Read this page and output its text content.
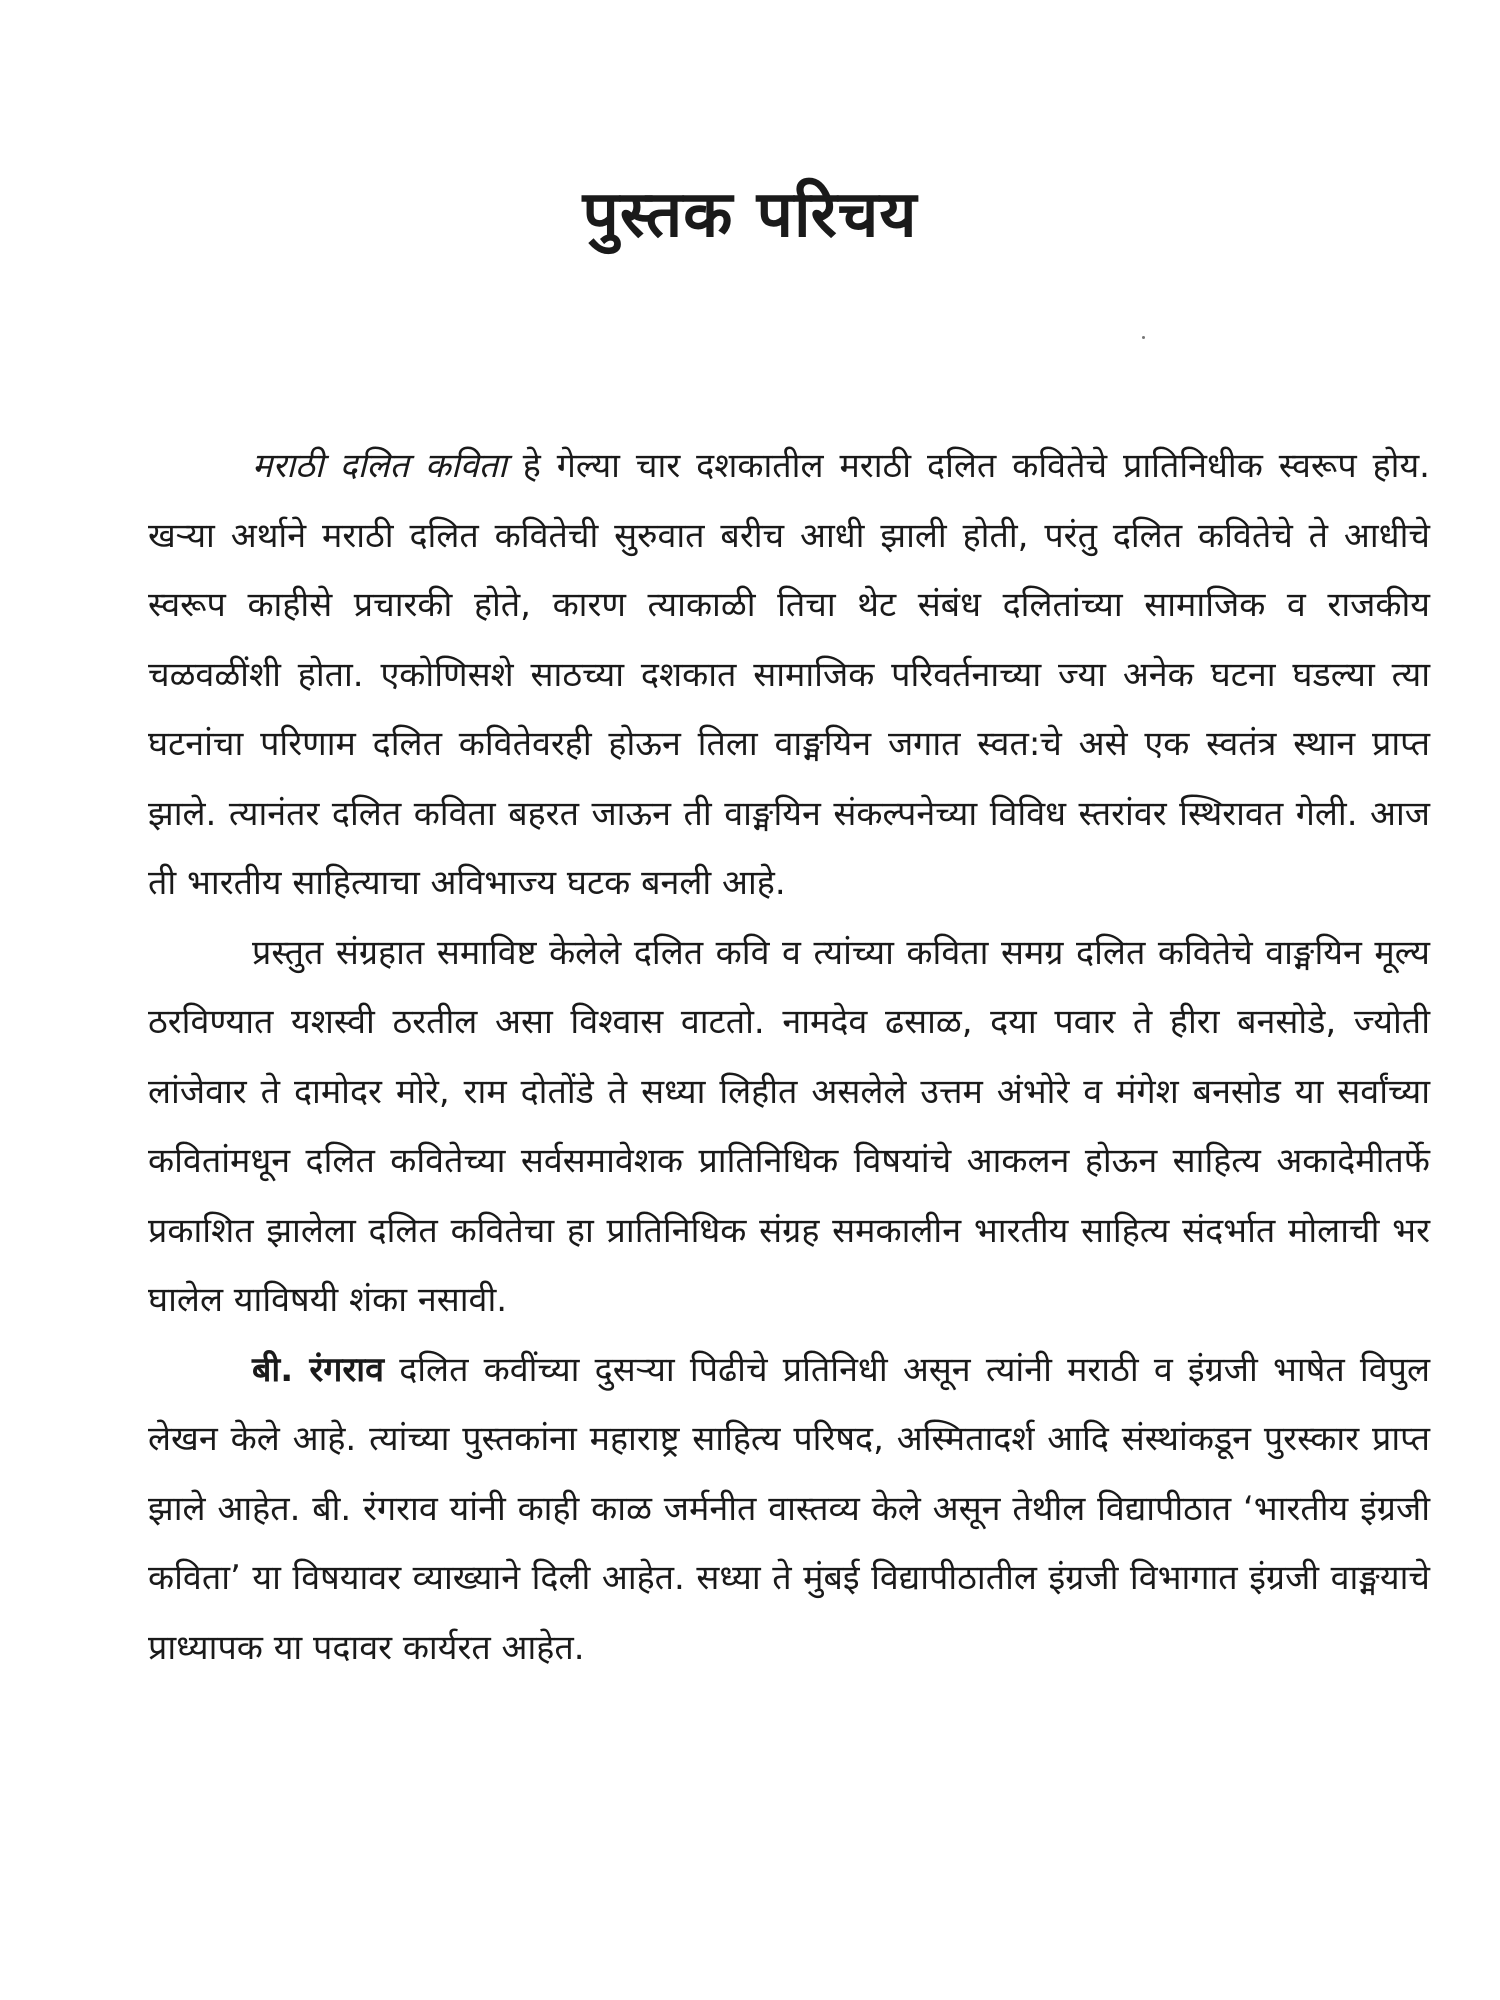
पुस्तक परिचय

मराठी दलित कविता हे गेल्या चार दशकातील मराठी दलित कवितेचे प्रातिनिधीक स्वरूप होय. खऱ्या अर्थाने मराठी दलित कवितेची सुरुवात बरीच आधी झाली होती, परंतु दलित कवितेचे ते आधीचे स्वरूप काहीसे प्रचारकी होते, कारण त्याकाळी तिचा थेट संबंध दलितांच्या सामाजिक व राजकीय चळवळींशी होता. एकोणिसशे साठच्या दशकात सामाजिक परिवर्तनाच्या ज्या अनेक घटना घडल्या त्या घटनांचा परिणाम दलित कवितेवरही होऊन तिला वाङ्मयिन जगात स्वत:चे असे एक स्वतंत्र स्थान प्राप्त झाले. त्यानंतर दलित कविता बहरत जाऊन ती वाङ्मयिन संकल्पनेच्या विविध स्तरांवर स्थिरावत गेली. आज ती भारतीय साहित्याचा अविभाज्य घटक बनली आहे.

प्रस्तुत संग्रहात समाविष्ट केलेले दलित कवि व त्यांच्या कविता समग्र दलित कवितेचे वाङ्मयिन मूल्य ठरविण्यात यशस्वी ठरतील असा विश्वास वाटतो. नामदेव ढसाळ, दया पवार ते हीरा बनसोडे, ज्योती लांजेवार ते दामोदर मोरे, राम दोतोंडे ते सध्या लिहीत असलेले उत्तम अंभोरे व मंगेश बनसोड या सर्वांच्या कवितांमधून दलित कवितेच्या सर्वसमावेशक प्रातिनिधिक विषयांचे आकलन होऊन साहित्य अकादेमीतर्फे प्रकाशित झालेला दलित कवितेचा हा प्रातिनिधिक संग्रह समकालीन भारतीय साहित्य संदर्भात मोलाची भर घालेल याविषयी शंका नसावी.

बी. रंगराव दलित कवींच्या दुसऱ्या पिढीचे प्रतिनिधी असून त्यांनी मराठी व इंग्रजी भाषेत विपुल लेखन केले आहे. त्यांच्या पुस्तकांना महाराष्ट्र साहित्य परिषद, अस्मितादर्श आदि संस्थांकडून पुरस्कार प्राप्त झाले आहेत. बी. रंगराव यांनी काही काळ जर्मनीत वास्तव्य केले असून तेथील विद्यापीठात ‘भारतीय इंग्रजी कविता’ या विषयावर व्याख्याने दिली आहेत. सध्या ते मुंबई विद्यापीठातील इंग्रजी विभागात इंग्रजी वाङ्मयाचे प्राध्यापक या पदावर कार्यरत आहेत.
